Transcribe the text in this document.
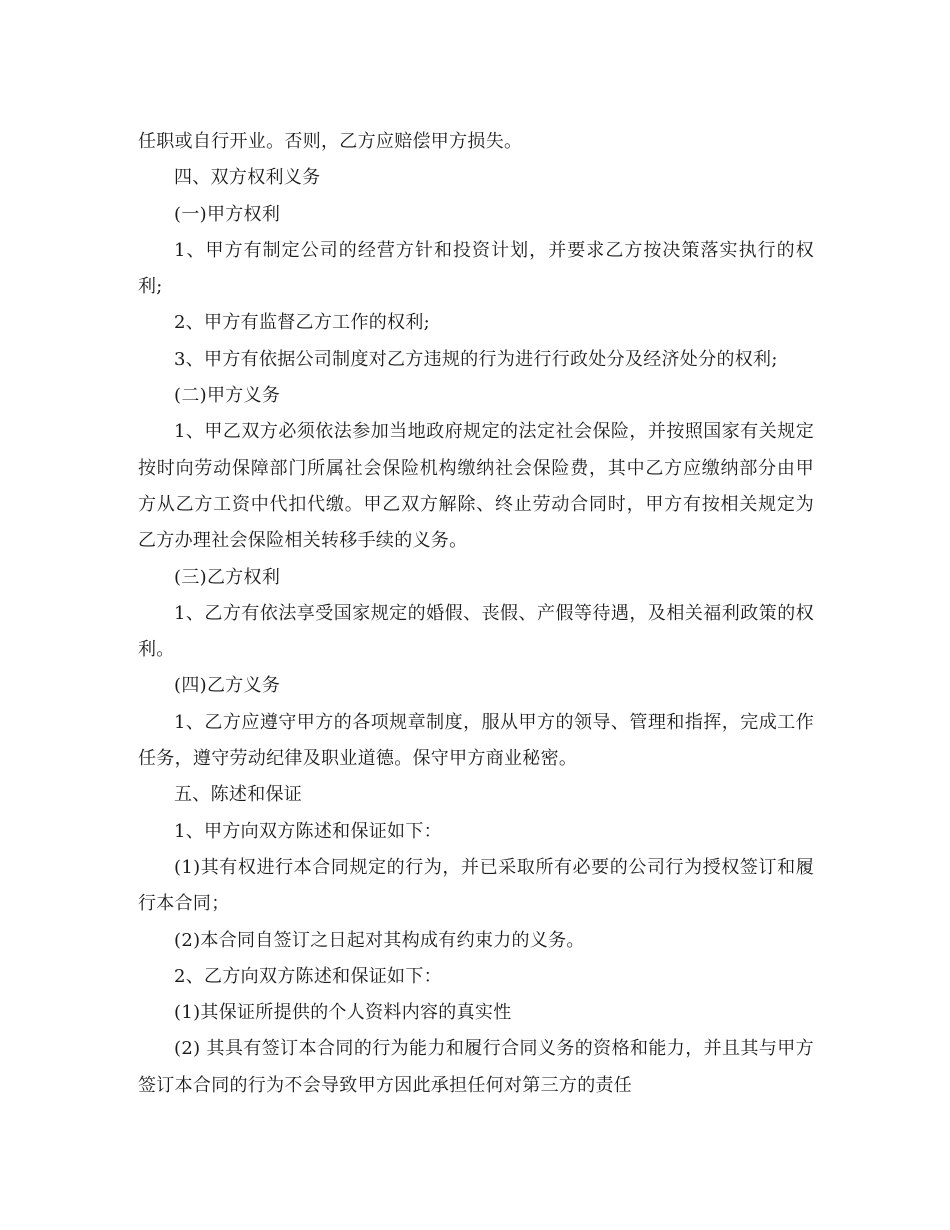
任职或自行开业。否则，乙方应赔偿甲方损失。

四、双方权利义务

(一)甲方权利

1、甲方有制定公司的经营方针和投资计划，并要求乙方按决策落实执行的权利;

2、甲方有监督乙方工作的权利;

3、甲方有依据公司制度对乙方违规的行为进行行政处分及经济处分的权利;

(二)甲方义务

1、甲乙双方必须依法参加当地政府规定的法定社会保险，并按照国家有关规定按时向劳动保障部门所属社会保险机构缴纳社会保险费，其中乙方应缴纳部分由甲方从乙方工资中代扣代缴。甲乙双方解除、终止劳动合同时，甲方有按相关规定为乙方办理社会保险相关转移手续的义务。

(三)乙方权利

1、乙方有依法享受国家规定的婚假、丧假、产假等待遇，及相关福利政策的权利。

(四)乙方义务

1、乙方应遵守甲方的各项规章制度，服从甲方的领导、管理和指挥，完成工作任务，遵守劳动纪律及职业道德。保守甲方商业秘密。

五、陈述和保证

1、甲方向双方陈述和保证如下：

(1)其有权进行本合同规定的行为，并已采取所有必要的公司行为授权签订和履行本合同；

(2)本合同自签订之日起对其构成有约束力的义务。

2、乙方向双方陈述和保证如下：

(1)其保证所提供的个人资料内容的真实性

(2) 其具有签订本合同的行为能力和履行合同义务的资格和能力，并且其与甲方签订本合同的行为不会导致甲方因此承担任何对第三方的责任
